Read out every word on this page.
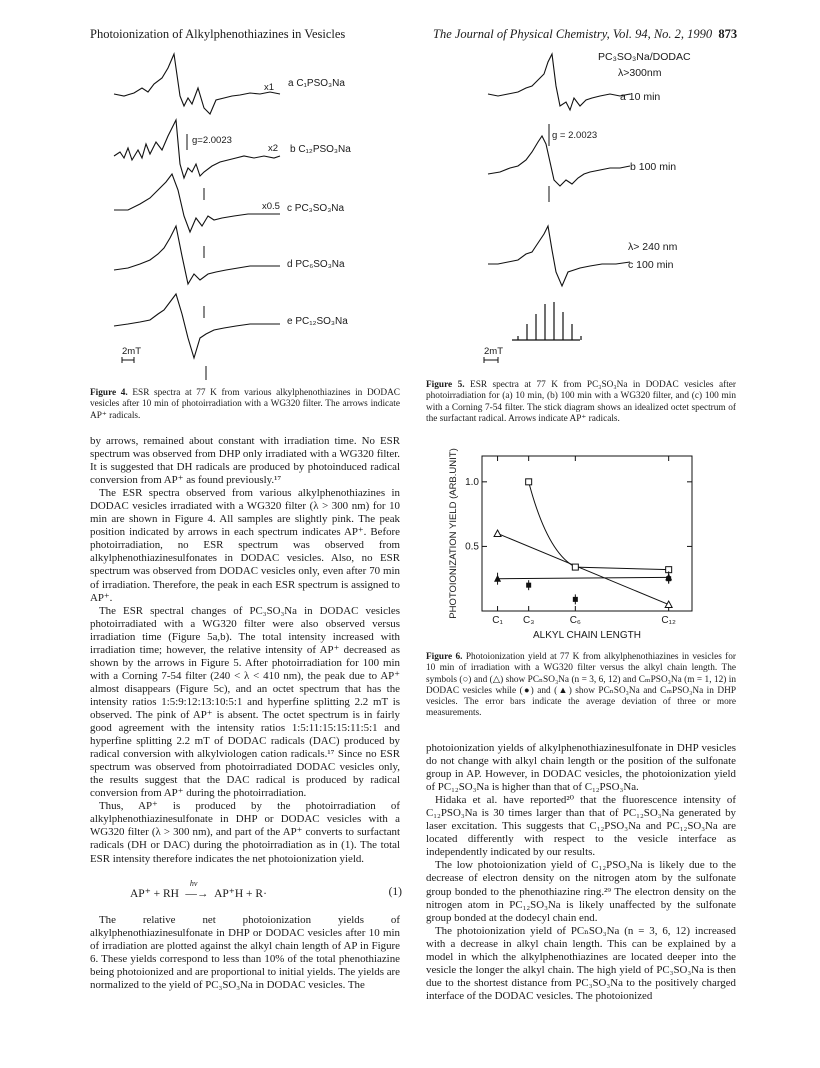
Photoionization of Alkylphenothiazines in Vesicles	The Journal of Physical Chemistry, Vol. 94, No. 2, 1990 873
2mT
g=2.0023
x1
x2
x0.5
a C₁PSO₃Na
b C₁₂PSO₃Na
c PC₃SO₃Na
d PC₆SO₃Na
e PC₁₂SO₃Na
Figure 4. ESR spectra at 77 K from various alkylphenothiazines in DODAC vesicles after 10 min of photoirradiation with a WG320 filter. The arrows indicate AP⁺ radicals.
PC₃SO₃Na/DODAC
λ>300nm
a 10 min
b 100 min
g = 2.0023
λ> 240 nm
c 100 min
2mT
Figure 5. ESR spectra at 77 K from PC₃SO₃Na in DODAC vesicles after photoirradiation for (a) 10 min, (b) 100 min with a WG320 filter, and (c) 100 min with a Corning 7-54 filter. The stick diagram shows an idealized octet spectrum of the surfactant radical. Arrows indicate AP⁺ radicals.
0.5
1.0
C₁ C₃	C₆	C₁₂
ALKYL CHAIN LENGTH
PHOTOIONIZATION YIELD (ARB.UNIT)
Figure 6. Photoionization yield at 77 K from alkylphenothiazines in vesicles for 10 min of irradiation with a WG320 filter versus the alkyl chain length. The symbols (○) and (△) show PCₙSO₃Na (n = 3, 6, 12) and CₘPSO₃Na (m = 1, 12) in DODAC vesicles while (●) and (▲) show PCₙSO₃Na and CₘPSO₃Na in DHP vesicles. The error bars indicate the average deviation of three or more measurements.

by arrows, remained about constant with irradiation time. No ESR spectrum was observed from DHP only irradiated with a WG320 filter. It is suggested that DH radicals are produced by photoinduced radical conversion from AP⁺ as found previously.¹⁷

The ESR spectra observed from various alkylphenothiazines in DODAC vesicles irradiated with a WG320 filter (λ > 300 nm) for 10 min are shown in Figure 4. All samples are slightly pink. The peak position indicated by arrows in each spectrum indicates AP⁺. Before photoirradiation, no ESR spectrum was observed from alkylphenothiazinesulfonates in DODAC vesicles. Also, no ESR spectrum was observed from DODAC vesicles only, even after 70 min of irradiation. Therefore, the peak in each ESR spectrum is assigned to AP⁺.

The ESR spectral changes of PC₃SO₃Na in DODAC vesicles photoirradiated with a WG320 filter were also observed versus irradiation time (Figure 5a,b). The total intensity increased with irradiation time; however, the relative intensity of AP⁺ decreased as shown by the arrows in Figure 5. After photoirradiation for 100 min with a Corning 7-54 filter (240 < λ < 410 nm), the peak due to AP⁺ almost disappears (Figure 5c), and an octet spectrum that has the intensity ratios 1:5:9:12:13:10:5:1 and hyperfine splitting 2.2 mT is observed. The pink of AP⁺ is absent. The octet spectrum is in fairly good agreement with the intensity ratios 1:5:11:15:15:11:5:1 and hyperfine splitting 2.2 mT of DODAC radicals (DAC) produced by radical conversion with alkylviologen cation radicals.¹⁷ Since no ESR spectrum was observed from photoirradiated DODAC vesicles only, the results suggest that the DAC radical is produced by radical conversion from AP⁺ during the photoirradiation.

Thus, AP⁺ is produced by the photoirradiation of alkylphenothiazinesulfonate in DHP or DODAC vesicles with a WG320 filter (λ > 300 nm), and part of the AP⁺ converts to surfactant radicals (DH or DAC) during the photoirradiation as in (1). The total ESR intensity therefore indicates the net photoionization yield.

AP⁺ + RH
hν
—→ AP⁺H + R·	(1)

The relative net photoionization yields of alkylphenothiazinesulfonate in DHP or DODAC vesicles after 10 min of irradiation are plotted against the alkyl chain length of AP in Figure 6. These yields correspond to less than 10% of the total phenothiazine being photoionized and are proportional to initial yields. The yields are normalized to the yield of PC₃SO₃Na in DODAC vesicles. The

photoionization yields of alkylphenothiazinesulfonate in DHP vesicles do not change with alkyl chain length or the position of the sulfonate group in AP. However, in DODAC vesicles, the photoionization yield of PC₁₂SO₃Na is higher than that of C₁₂PSO₃Na.

Hidaka et al. have reported²⁰ that the fluorescence intensity of C₁₂PSO₃Na is 30 times larger than that of PC₁₂SO₃Na generated by laser excitation. This suggests that C₁₂PSO₃Na and PC₁₂SO₃Na are located differently with respect to the vesicle interface as independently indicated by our results.

The low photoionization yield of C₁₂PSO₃Na is likely due to the decrease of electron density on the nitrogen atom by the sulfonate group bonded to the phenothiazine ring.²⁹ The electron density on the nitrogen atom in PC₁₂SO₃Na is likely unaffected by the sulfonate group bonded at the dodecyl chain end.

The photoionization yield of PCₙSO₃Na (n = 3, 6, 12) increased with a decrease in alkyl chain length. This can be explained by a model in which the alkylphenothiazines are located deeper into the vesicle the longer the alkyl chain. The high yield of PC₃SO₃Na is then due to the shortest distance from PC₃SO₃Na to the positively charged interface of the DODAC vesicles. The photoionized
